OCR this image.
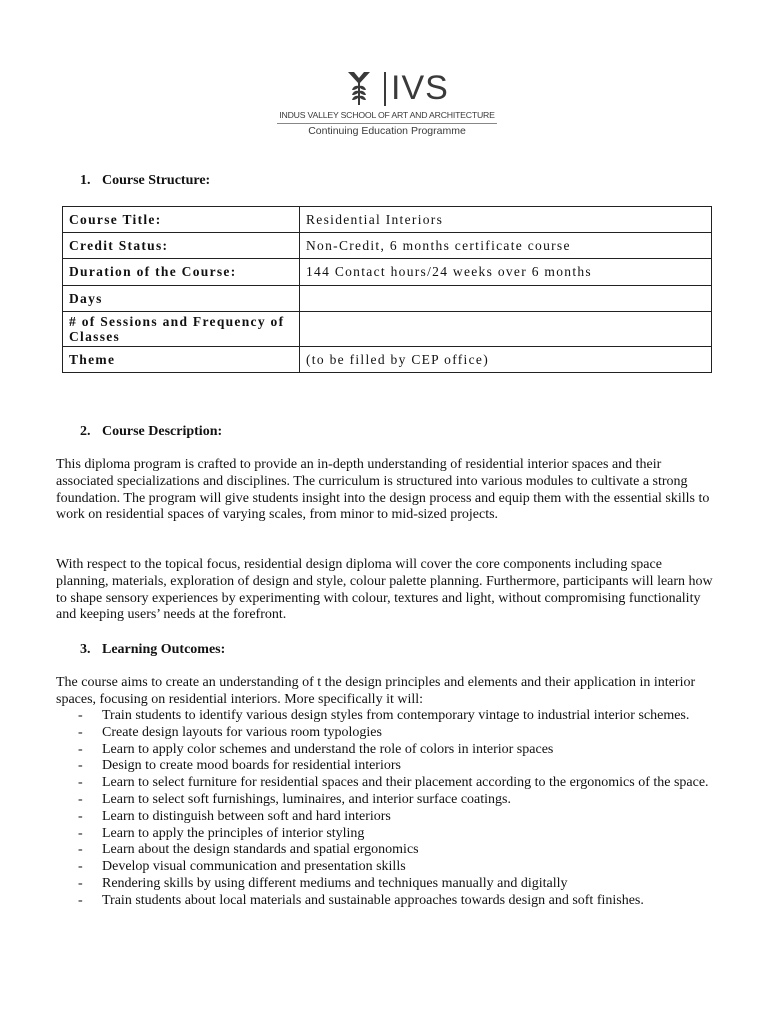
IVS
INDUS VALLEY SCHOOL OF ART AND ARCHITECTURE
Continuing Education Programme
1. Course Structure:
Course Title:	Residential Interiors
Credit Status:	Non-Credit, 6 months certificate course
Duration of the Course:	144 Contact hours/24 weeks over 6 months
Days	
# of Sessions and Frequency of Classes	
Theme	(to be filled by CEP office)
2. Course Description:

This diploma program is crafted to provide an in-depth understanding of residential interior spaces and their associated specializations and disciplines. The curriculum is structured into various modules to cultivate a strong foundation. The program will give students insight into the design process and equip them with the essential skills to work on residential spaces of varying scales, from minor to mid-sized projects.

With respect to the topical focus, residential design diploma will cover the core components including space planning, materials, exploration of design and style, colour palette planning. Furthermore, participants will learn how to shape sensory experiences by experimenting with colour, textures and light, without compromising functionality and keeping users’ needs at the forefront.

3. Learning Outcomes:

The course aims to create an understanding of t the design principles and elements and their application in interior spaces, focusing on residential interiors. More specifically it will:

- Train students to identify various design styles from contemporary vintage to industrial interior schemes.
- Create design layouts for various room typologies
- Learn to apply color schemes and understand the role of colors in interior spaces
- Design to create mood boards for residential interiors
- Learn to select furniture for residential spaces and their placement according to the ergonomics of the space.
- Learn to select soft furnishings, luminaires, and interior surface coatings.
- Learn to distinguish between soft and hard interiors
- Learn to apply the principles of interior styling
- Learn about the design standards and spatial ergonomics
- Develop visual communication and presentation skills
- Rendering skills by using different mediums and techniques manually and digitally
- Train students about local materials and sustainable approaches towards design and soft finishes.
